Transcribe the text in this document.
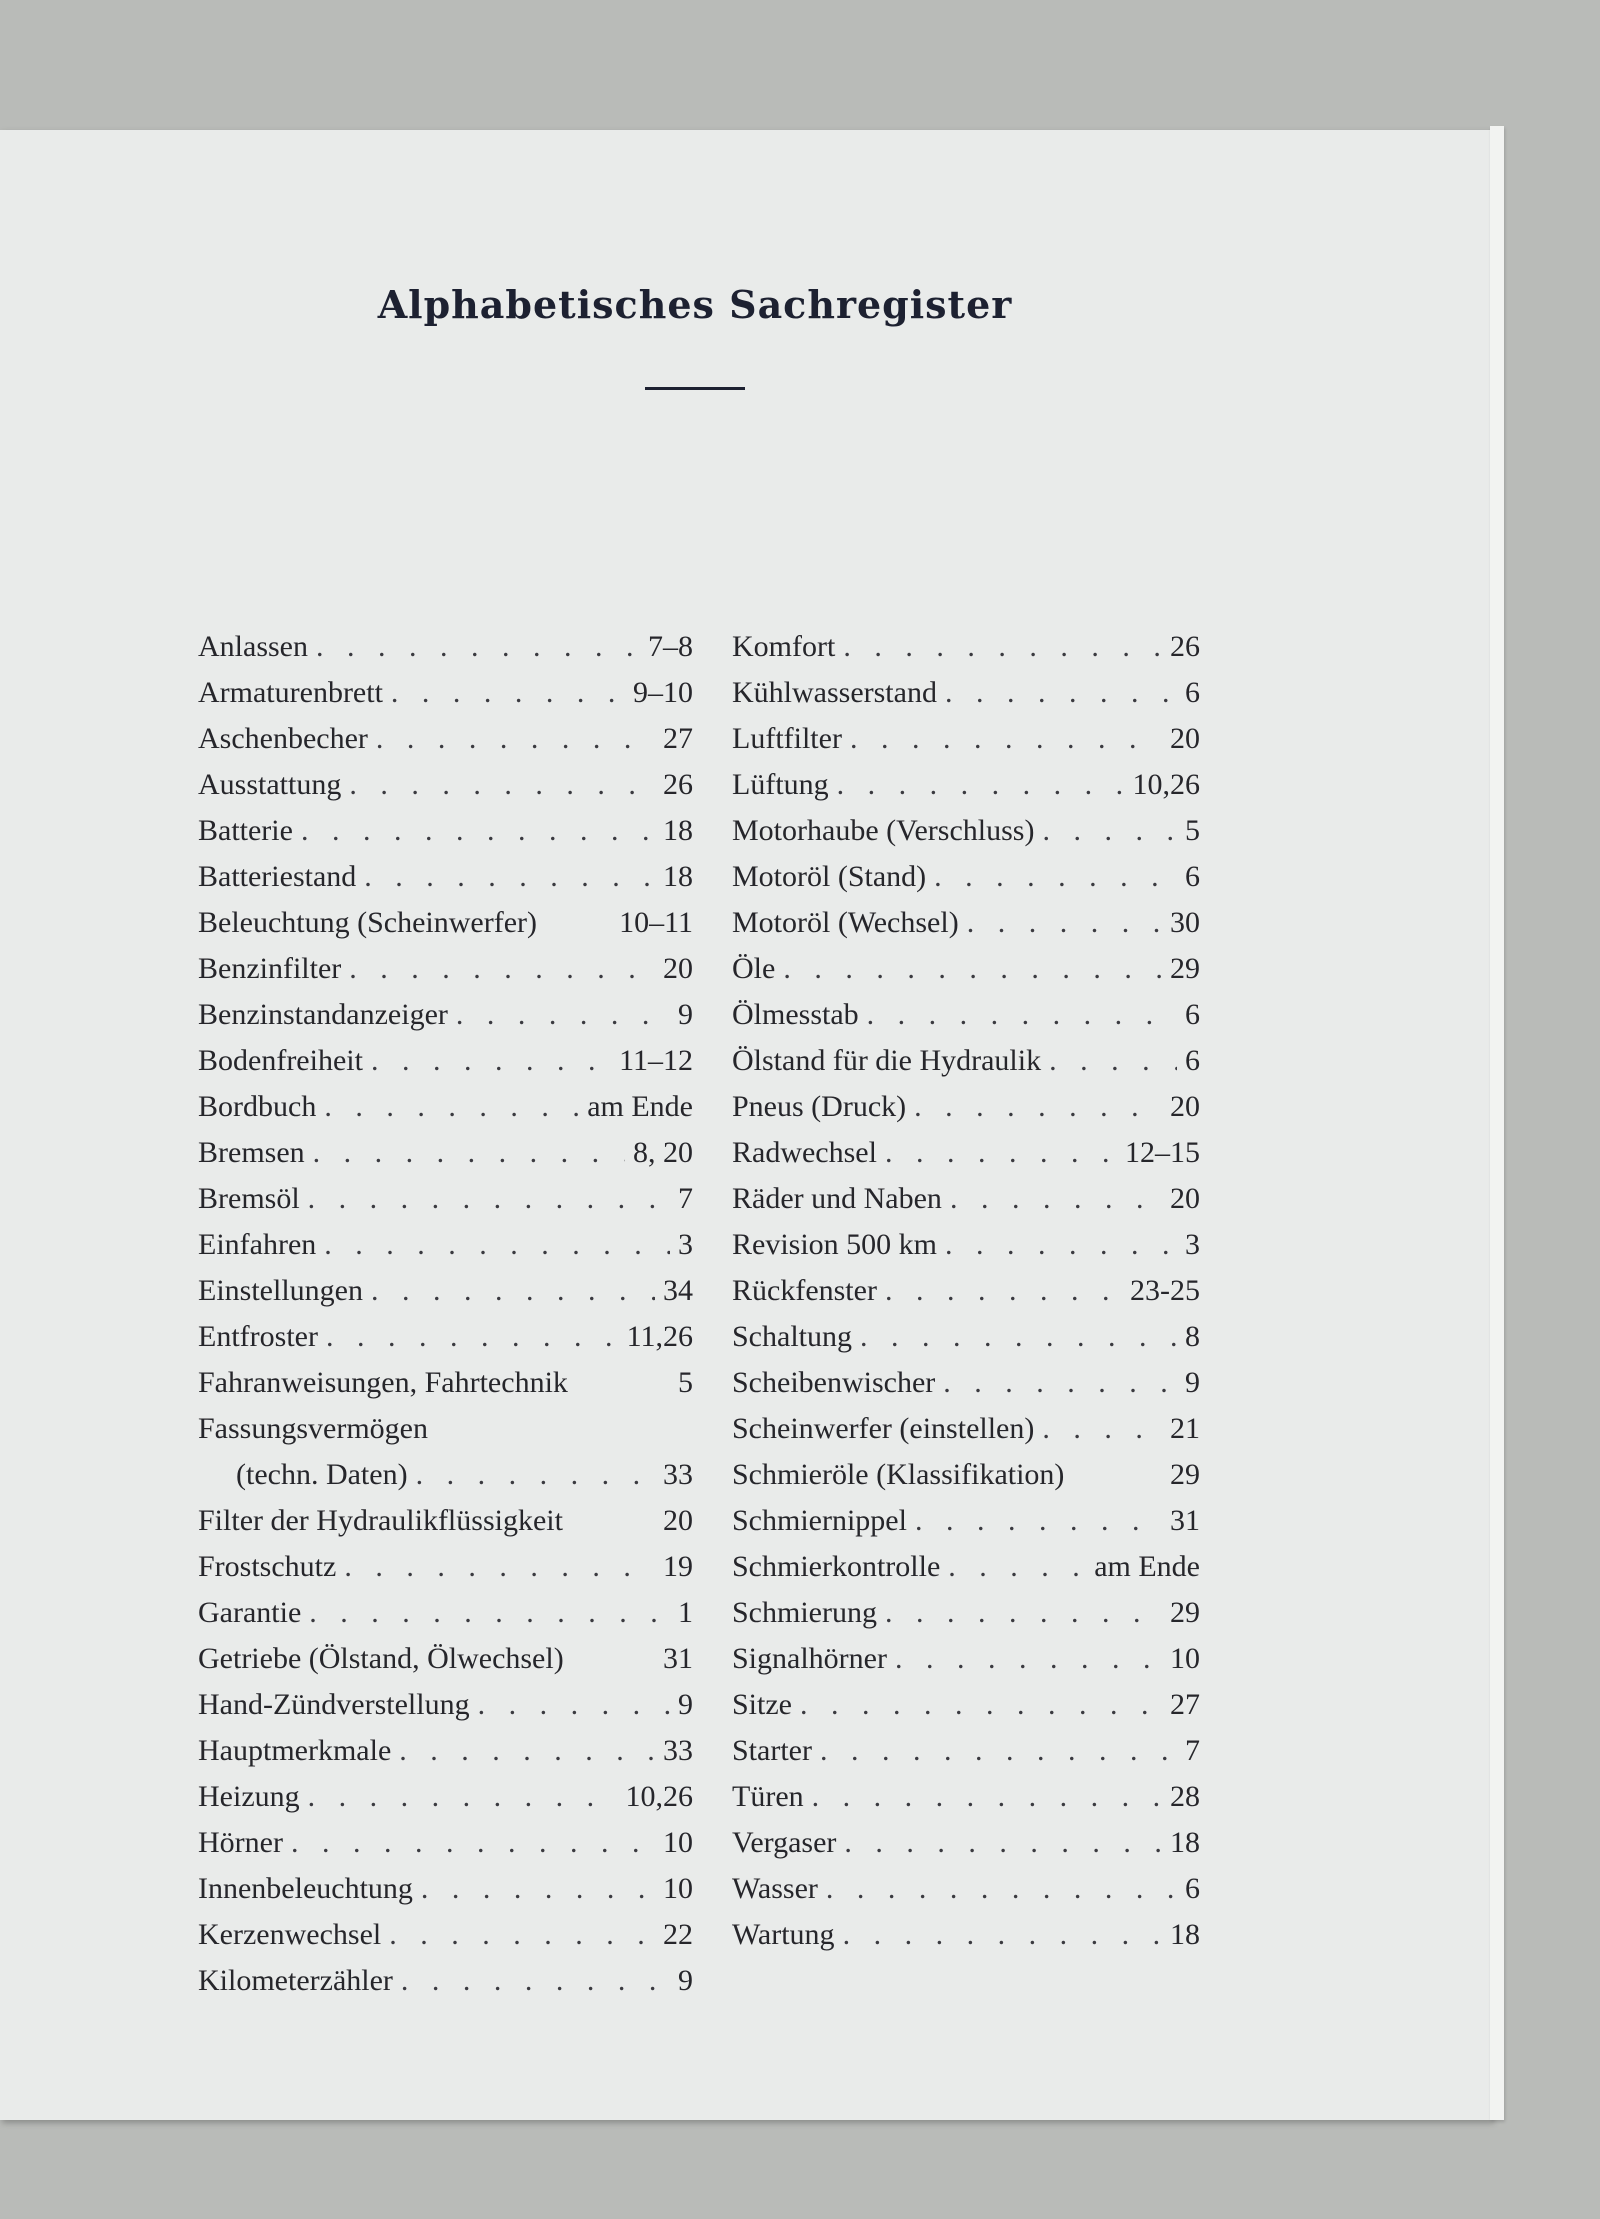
Alphabetisches Sachregister
Anlassen . . .	7–8
Armaturenbrett . . .	9–10
Aschenbecher . . .	27
Ausstattung . . .	26
Batterie . . .	18
Batteriestand . . .	18
Beleuchtung (Scheinwerfer)	10–11
Benzinfilter . . .	20
Benzinstandanzeiger . . .	9
Bodenfreiheit . . .	11–12
Bordbuch . . .	am Ende
Bremsen . . .	8, 20
Bremsöl . . .	7
Einfahren . . .	3
Einstellungen . . .	34
Entfroster . . .	11,26
Fahranweisungen, Fahrtechnik	5
Fassungsvermögen
(techn. Daten) . . .	33
Filter der Hydraulikflüssigkeit	20
Frostschutz . . .	19
Garantie . . .	1
Getriebe (Ölstand, Ölwechsel)	31
Hand-Zündverstellung . . .	9
Hauptmerkmale . . .	33
Heizung . . .	10,26
Hörner . . .	10
Innenbeleuchtung . . .	10
Kerzenwechsel . . .	22
Kilometerzähler . . .	9
Komfort . . .	26
Kühlwasserstand . . .	6
Luftfilter . . .	20
Lüftung . . .	10,26
Motorhaube (Verschluss) . . .	5
Motoröl (Stand) . . .	6
Motoröl (Wechsel) . . .	30
Öle . . .	29
Ölmesstab . . .	6
Ölstand für die Hydraulik . . .	6
Pneus (Druck) . . .	20
Radwechsel . . .	12–15
Räder und Naben . . .	20
Revision 500 km . . .	3
Rückfenster . . .	23-25
Schaltung . . .	8
Scheibenwischer . . .	9
Scheinwerfer (einstellen) . . .	21
Schmieröle (Klassifikation)	29
Schmiernippel . . .	31
Schmierkontrolle . . .	am Ende
Schmierung . . .	29
Signalhörner . . .	10
Sitze . . .	27
Starter . . .	7
Türen . . .	28
Vergaser . . .	18
Wasser . . .	6
Wartung . . .	18
